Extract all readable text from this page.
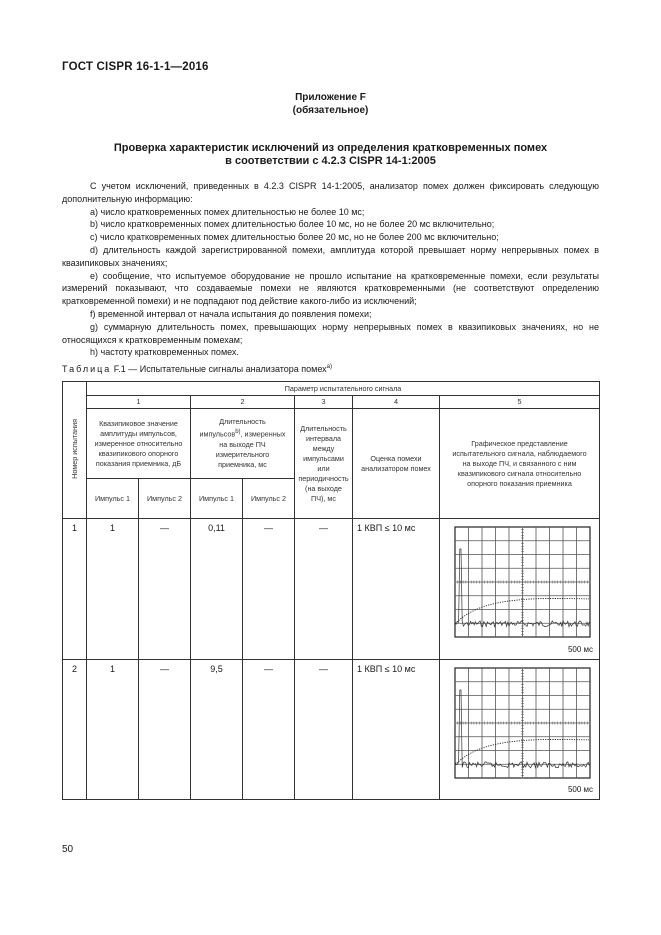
ГОСТ CISPR 16-1-1—2016
Приложение F
(обязательное)
Проверка характеристик исключений из определения кратковременных помех
в соответствии с 4.2.3 CISPR 14-1:2005

С учетом исключений, приведенных в 4.2.3 CISPR 14-1:2005, анализатор помех должен фиксировать следующую дополнительную информацию:

a) число кратковременных помех длительностью не более 10 мс;

b) число кратковременных помех длительностью более 10 мс, но не более 20 мс включительно;

c) число кратковременных помех длительностью более 20 мс, но не более 200 мс включительно;

d) длительность каждой зарегистрированной помехи, амплитуда которой превышает норму непрерывных помех в квазипиковых значениях;

e) сообщение, что испытуемое оборудование не прошло испытание на кратковременные помехи, если результаты измерений показывают, что создаваемые помехи не являются кратковременными (не соответствуют определению кратковременной помехи) и не подпадают под действие какого-либо из исключений;

f) временной интервал от начала испытания до появления помехи;

g) суммарную длительность помех, превышающих норму непрерывных помех в квазипиковых значениях, но не относящихся к кратковременным помехам;

h) частоту кратковременных помех.

Таблица F.1 — Испытательные сигналы анализатора помех$^{a)}$
Номер испытания	Параметр испытательного сигнала						
	1		2		3	4	5
	Квазипиковое значение амплитуды импульсов, измеренное относительно квазипикового опорного показания приемника, дБ		Длительность импульсов$^{b)}$, измеренных на выходе ПЧ измерительного приемника, мс		Длительность интервала между импульсами или периодичность (на выходе ПЧ), мс	Оценка помехи анализатором помех	Графическое представление испытательного сигнала, наблюдаемого на выходе ПЧ, и связанного с ним квазипикового сигнала относительно опорного показания приемника
	Импульс 1	Импульс 2	Импульс 1	Импульс 2			
1	1	—	0,11	—	—	1 КВП ≤ 10 мс	500 мс

2	1	—	9,5	—	—	1 КВП ≤ 10 мс	500 мс
50
